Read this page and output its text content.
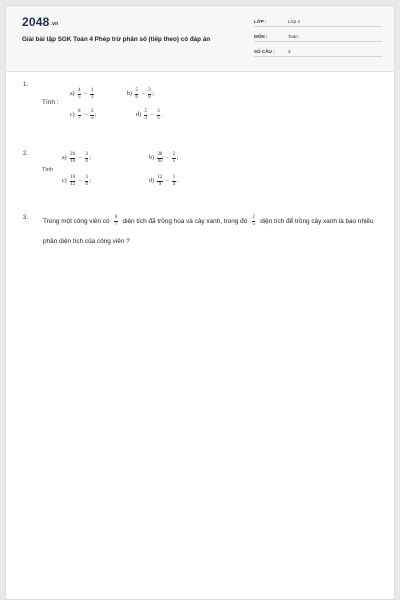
2048.vn
Giải bài tập SGK Toán 4 Phép trừ phân số (tiếp theo) có đáp án
LỚP :	Lớp 4
MÔN :	Toán
SỐ CÂU :	3
1.
Tính :
$a) \frac{4}{5} - \frac{1}{3}$	$b) \frac{5}{6} - \frac{3}{8}$ ;
$c) \frac{8}{7} - \frac{2}{3}$ ;	$d) \frac{5}{3} - \frac{3}{5}$ .
2.
Tính
$a) \frac{20}{16} - \frac{3}{4}$ ;	$b) \frac{30}{45} - \frac{2}{5}$ ;
$c) \frac{10}{12} - \frac{3}{4}$ ;	$d) \frac{12}{9} - \frac{1}{4}$ .
3. Trong một công viên có $\frac{6}{7}$ diện tích đã trồng hoa và cây xanh, trong đó $\frac{2}{5}$ diện tích để trồng cây xanh là bao nhiêu phần diện tích của công viên ?
